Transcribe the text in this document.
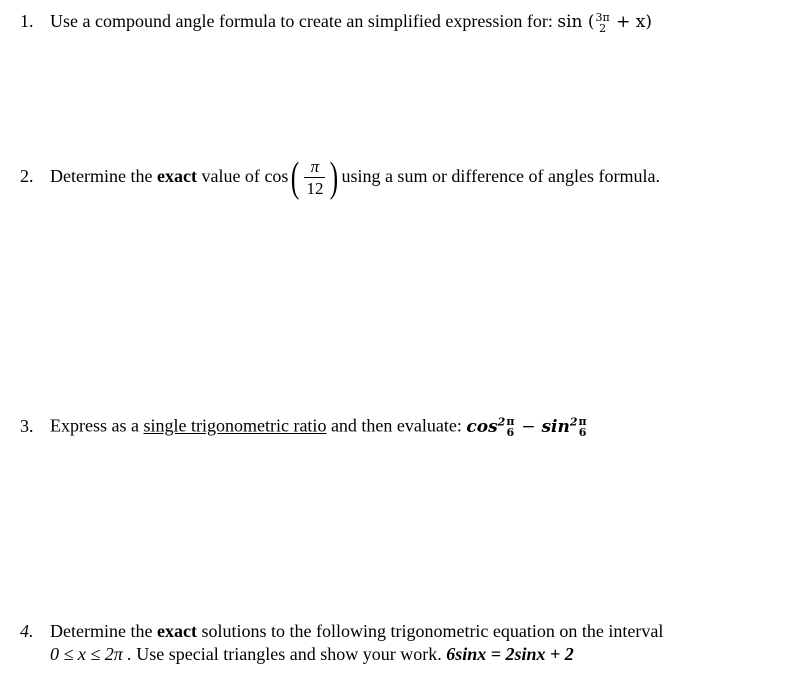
1. Use a compound angle formula to create an simplified expression for: sin ( 3π
2 + x)
2. Determine the exact value of $\cos( \frac{\pi}{12}$ ) using a sum or difference of angles formula.
3. Express as a single trigonometric ratio and then evaluate: $\cos^2 \pi$
$6 - \sin^2 \pi$
6
4. Determine the exact solutions to the following trigonometric equation on the interval
0 ≤ x ≤ 2π . Use special triangles and show your work. 6sinx = 2sinx + 2
